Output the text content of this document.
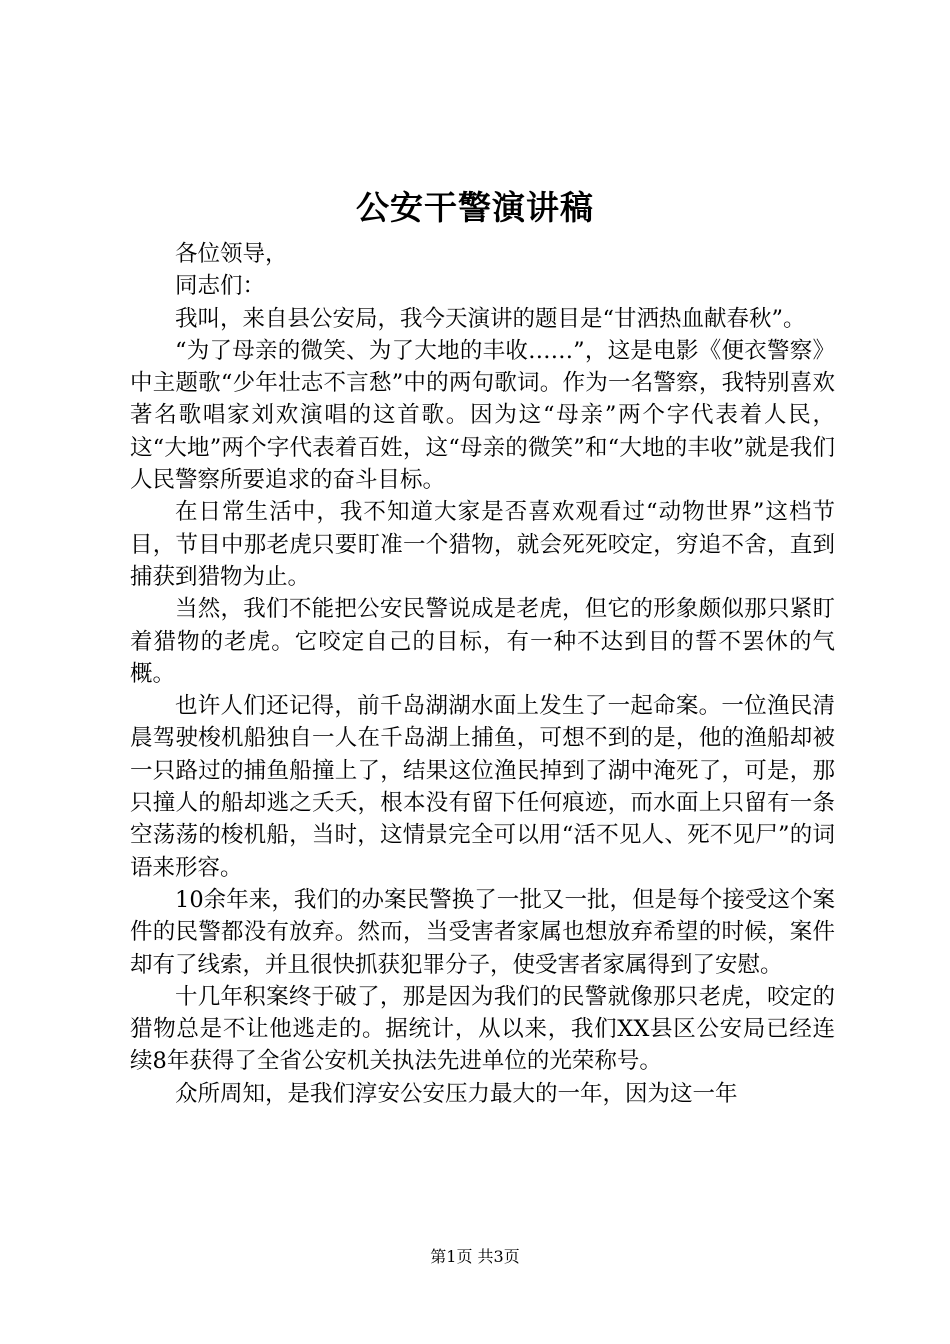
公安干警演讲稿

各位领导，

同志们：

我叫，来自县公安局，我今天演讲的题目是“甘洒热血献春秋”。

“为了母亲的微笑、为了大地的丰收……”，这是电影《便衣警察》中主题歌“少年壮志不言愁”中的两句歌词。作为一名警察，我特别喜欢著名歌唱家刘欢演唱的这首歌。因为这“母亲”两个字代表着人民，这“大地”两个字代表着百姓，这“母亲的微笑”和“大地的丰收”就是我们人民警察所要追求的奋斗目标。

在日常生活中，我不知道大家是否喜欢观看过“动物世界”这档节目，节目中那老虎只要盯准一个猎物，就会死死咬定，穷追不舍，直到捕获到猎物为止。

当然，我们不能把公安民警说成是老虎，但它的形象颇似那只紧盯着猎物的老虎。它咬定自己的目标，有一种不达到目的誓不罢休的气概。

也许人们还记得，前千岛湖湖水面上发生了一起命案。一位渔民清晨驾驶梭机船独自一人在千岛湖上捕鱼，可想不到的是，他的渔船却被一只路过的捕鱼船撞上了，结果这位渔民掉到了湖中淹死了，可是，那只撞人的船却逃之夭夭，根本没有留下任何痕迹，而水面上只留有一条空荡荡的梭机船，当时，这情景完全可以用“活不见人、死不见尸”的词语来形容。

10余年来，我们的办案民警换了一批又一批，但是每个接受这个案件的民警都没有放弃。然而，当受害者家属也想放弃希望的时候，案件却有了线索，并且很快抓获犯罪分子，使受害者家属得到了安慰。

十几年积案终于破了，那是因为我们的民警就像那只老虎，咬定的猎物总是不让他逃走的。据统计，从以来，我们XX县区公安局已经连续8年获得了全省公安机关执法先进单位的光荣称号。

众所周知，是我们淳安公安压力最大的一年，因为这一年

第1页 共3页
